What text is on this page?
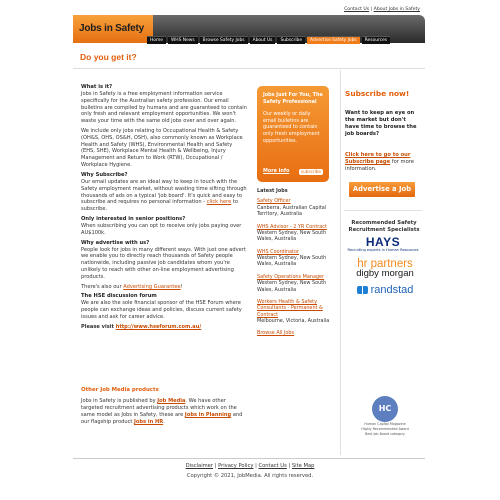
Contact Us | About Jobs in Safety
Jobs in Safety
Home	WHS News	Browse Safety Jobs	About Us	Subscribe	Advertise Safety Jobs	Resources
Do you get it?
What is it?

Jobs in Safety is a free employment information service specifically for the Australian safety profession. Our email bulletins are compiled by humans and are guaranteed to contain only fresh and relevant employment opportunities. We won't waste your time with the same old jobs over and over again.

We include only jobs relating to Occupational Health & Safety (OH&S, OHS, OS&H, OSH), also commonly known as Workplace Health and Safety (WHS), Environmental Health and Safety (EHS, SHE), Workplace Mental Health & Wellbeing, Injury Management and Return to Work (RTW), Occupational / Workplace Hygiene.

Why Subscribe?

Our email updates are an ideal way to keep in touch with the Safety employment market, without wasting time sifting through thousands of ads on a typical 'job board'. It's quick and easy to subscribe and requires no personal information - click here to subscribe.

Only interested in senior positions?

When subscribing you can opt to receive only jobs paying over AU$100k.

Why advertise with us?

People look for jobs in many different ways. With just one advert we enable you to directly reach thousands of Safety people nationwide, including passive job candidates whom you're unlikely to reach with other on-line employment advertising products.

There's also our Advertising Guarantee!

The HSE discussion forum

We are also the sole financial sponsor of the HSE Forum where people can exchange ideas and policies, discuss current safety issues and ask for career advice.

Please visit http://www.hseforum.com.au/

Other Job Media products
Jobs in Safety is published by Job Media. We have other targeted recruitment advertising products which work on the same model as Jobs in Safety, these are Jobs in Planning and our flagship product Jobs in HR.
Jobs Just For You, The Safety Professional
Our weekly or daily email bulletins are guaranteed to contain only fresh employment opportunities.
More info	subscribe
Latest Jobs
Safety Officer
Canberra, Australian Capital Territory, Australia
WHS Advisor - 2 YR Contract
Western Sydney, New South Wales, Australia
WHS Coordinator
Western Sydney, New South Wales, Australia
Safety Operations Manager
Western Sydney, New South Wales, Australia
Workers Health & Safety Consultants - Permanent & Contract
Melbourne, Victoria, Australia
Browse All Jobs
Subscribe now!
Want to keep an eye on the market but don't have time to browse the job boards?
Click here to go to our Subscribe page for more information.
Advertise a Job
Recommended Safety Recruitment Specialists
HAYS
Recruiting experts in Human Resources
hr partners
digby morgan
randstad
HC
Human Capital Magazine
Highly Recommended Award
Best Job Board category
Disclaimer | Privacy Policy | Contact Us | Site Map
Copyright © 2021, JobMedia. All rights reserved.
